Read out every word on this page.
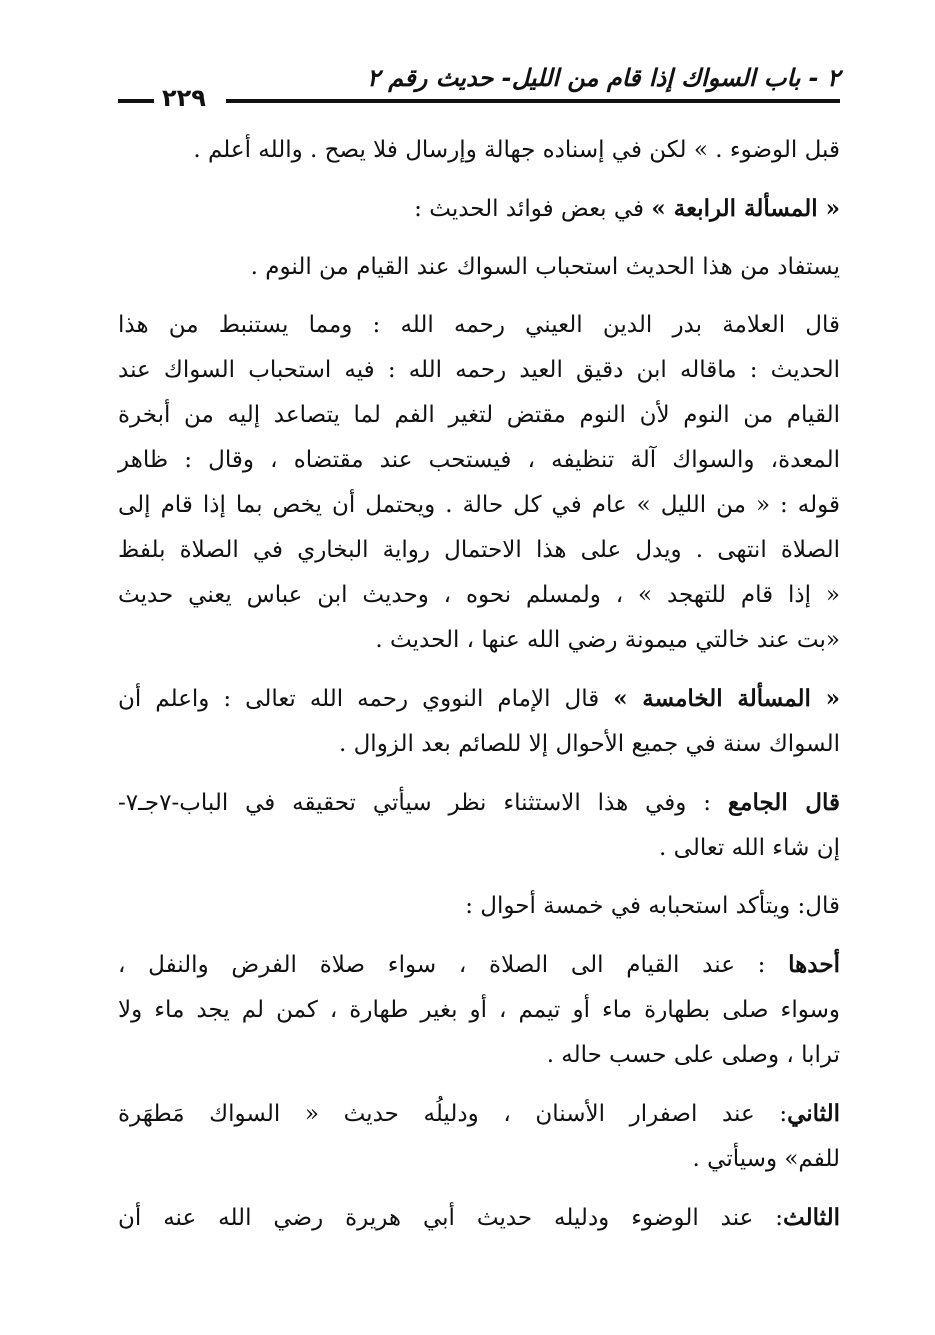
٢ - باب السواك إذا قام من الليل- حديث رقم ٢
٢٢٩

قبل الوضوء . » لكن في إسناده جهالة وإرسال فلا يصح . والله أعلم .

« المسألة الرابعة » في بعض فوائد الحديث :

يستفاد من هذا الحديث استحباب السواك عند القيام من النوم .

قال العلامة بدر الدين العيني رحمه الله : ومما يستنبط من هذا
الحديث : ماقاله ابن دقيق العيد رحمه الله : فيه استحباب السواك عند
القيام من النوم لأن النوم مقتض لتغير الفم لما يتصاعد إليه من أبخرة
المعدة، والسواك آلة تنظيفه ، فيستحب عند مقتضاه ، وقال : ظاهر
قوله : « من الليل » عام في كل حالة . ويحتمل أن يخص بما إذا قام إلى
الصلاة انتهى . ويدل على هذا الاحتمال رواية البخاري في الصلاة بلفظ
« إذا قام للتهجد » ، ولمسلم نحوه ، وحديث ابن عباس يعني حديث
«بت عند خالتي ميمونة رضي الله عنها ، الحديث .

« المسألة الخامسة » قال الإمام النووي رحمه الله تعالى : واعلم أن
السواك سنة في جميع الأحوال إلا للصائم بعد الزوال .

قال الجامع : وفي هذا الاستثناء نظر سيأتي تحقيقه في الباب-٧جـ٧-
إن شاء الله تعالى .

قال: ويتأكد استحبابه في خمسة أحوال :

أحدها : عند القيام الى الصلاة ، سواء صلاة الفرض والنفل ،
وسواء صلى بطهارة ماء أو تيمم ، أو بغير طهارة ، كمن لم يجد ماء ولا
ترابا ، وصلى على حسب حاله .

الثاني: عند اصفرار الأسنان ، ودليلُه حديث « السواك مَطهَرة
للفم» وسيأتي .

الثالث: عند الوضوء ودليله حديث أبي هريرة رضي الله عنه أن
